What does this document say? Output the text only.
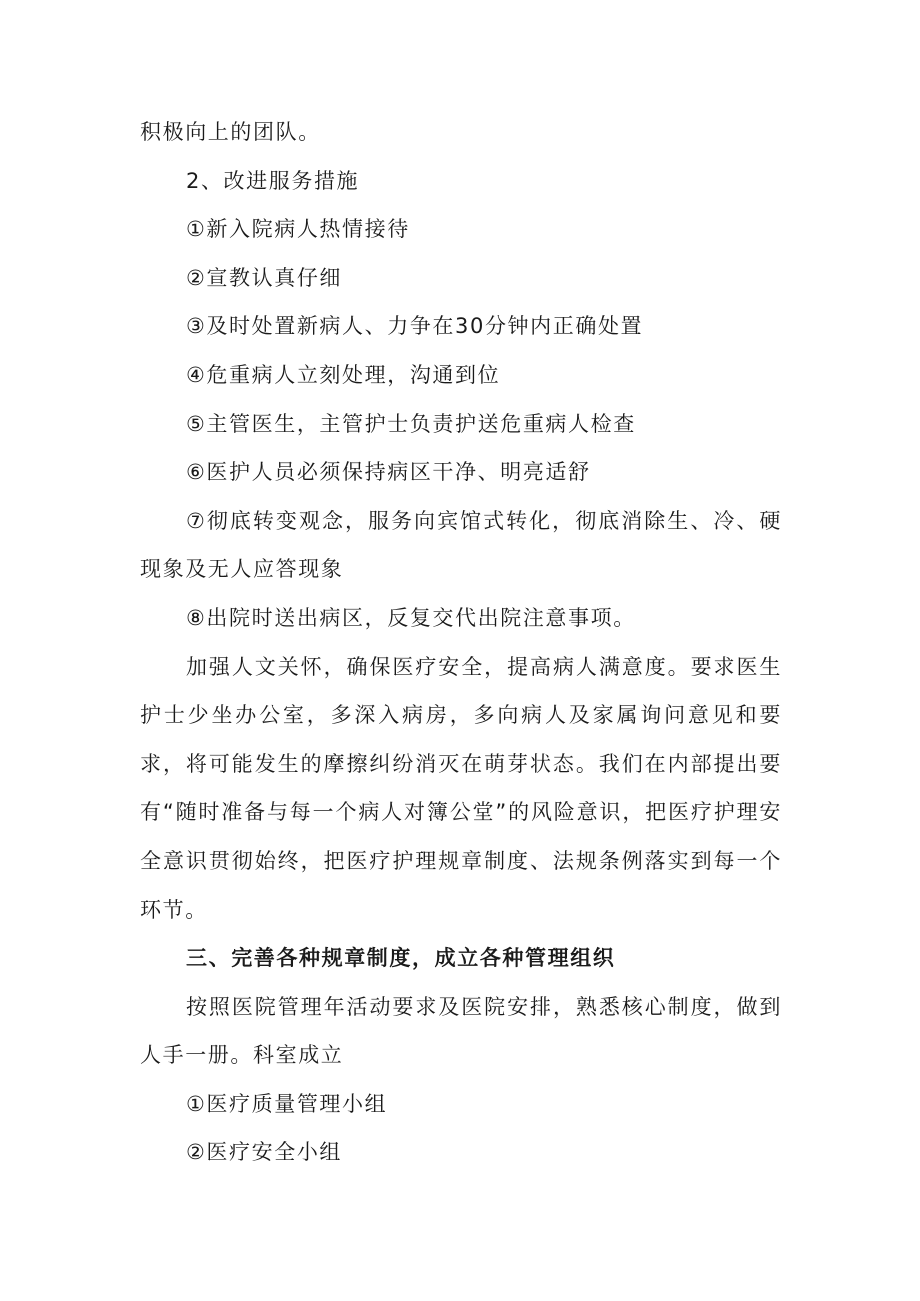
积极向上的团队。

2、改进服务措施

①新入院病人热情接待

②宣教认真仔细

③及时处置新病人、力争在30分钟内正确处置

④危重病人立刻处理，沟通到位

⑤主管医生，主管护士负责护送危重病人检查

⑥医护人员必须保持病区干净、明亮适舒

⑦彻底转变观念，服务向宾馆式转化，彻底消除生、冷、硬现象及无人应答现象

⑧出院时送出病区，反复交代出院注意事项。

加强人文关怀，确保医疗安全，提高病人满意度。要求医生护士少坐办公室，多深入病房，多向病人及家属询问意见和要求，将可能发生的摩擦纠纷消灭在萌芽状态。我们在内部提出要有“随时准备与每一个病人对簿公堂”的风险意识，把医疗护理安全意识贯彻始终，把医疗护理规章制度、法规条例落实到每一个环节。

三、完善各种规章制度，成立各种管理组织

按照医院管理年活动要求及医院安排，熟悉核心制度，做到人手一册。科室成立

①医疗质量管理小组

②医疗安全小组
